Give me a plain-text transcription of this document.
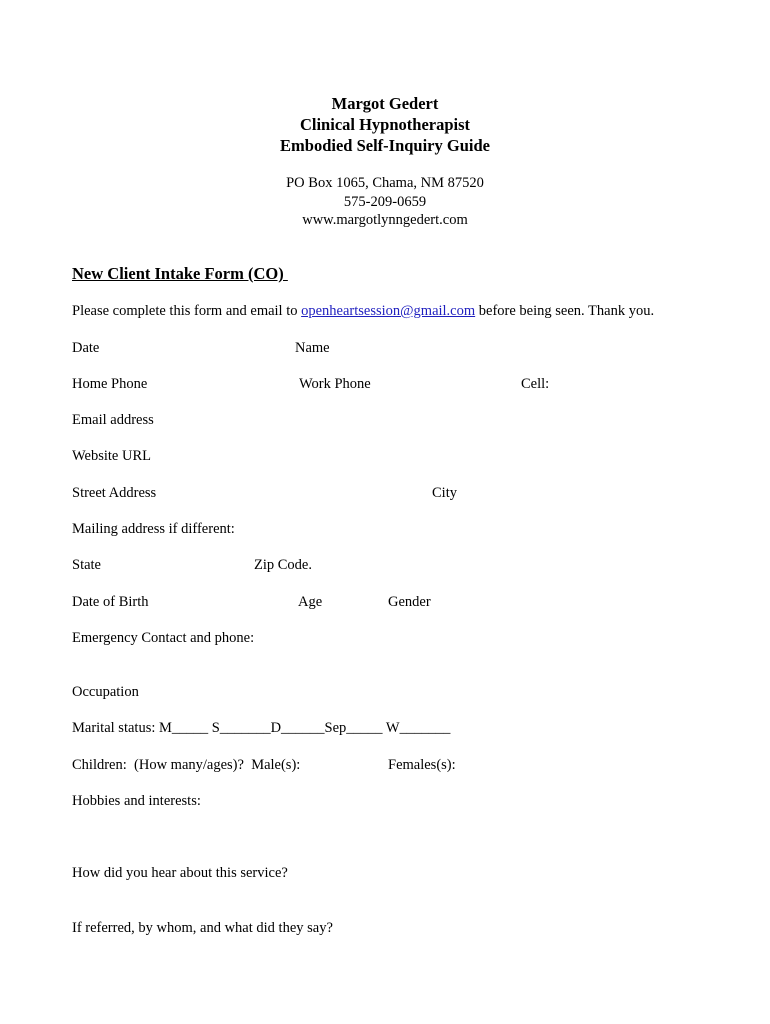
Margot Gedert
Clinical Hypnotherapist
Embodied Self-Inquiry Guide
PO Box 1065, Chama, NM 87520
575-209-0659
www.margotlynngedert.com
New Client Intake Form (CO)
Please complete this form and email to openheartsession@gmail.com before being seen. Thank you.
Date	Name
Home Phone	Work Phone	Cell:
Email address
Website URL
Street Address	City
Mailing address if different:
State	Zip Code.
Date of Birth	Age	Gender
Emergency Contact and phone:
Occupation
Marital status: M_____ S_______D______Sep_____ W_______
Children:  (How many/ages)?  Male(s):	Females(s):
Hobbies and interests:
How did you hear about this service?
If referred, by whom, and what did they say?
